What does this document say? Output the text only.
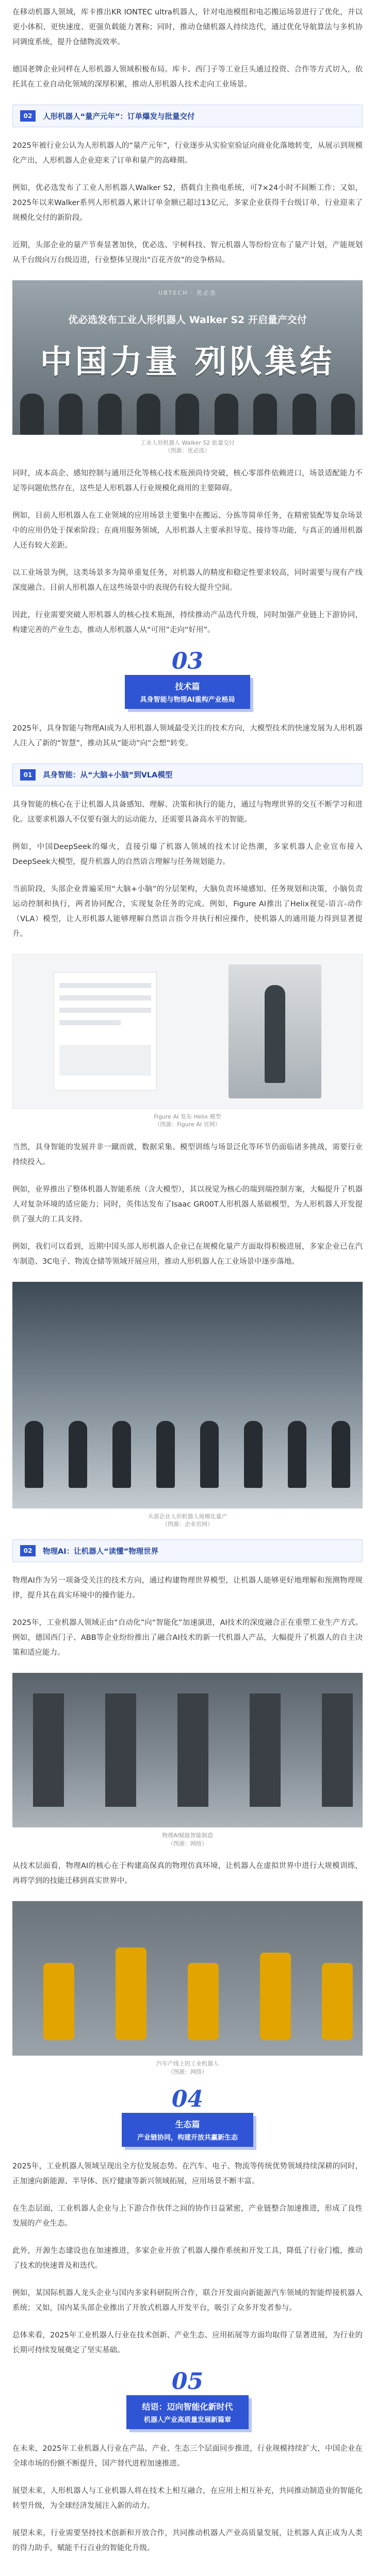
在移动机器人领域，库卡推出KR IONTEC ultra机器人，针对电池模组和电芯搬运场景进行了优化，并以更小体积、更快速度、更强负载能力著称；同时，推动仓储机器人持续迭代，通过优化导航算法与多机协同调度系统，提升仓储物流效率。

德国老牌企业同样在人形机器人领域积极布局。库卡、西门子等工业巨头通过投资、合作等方式切入，依托其在工业自动化领域的深厚积累，推动人形机器人技术走向工业场景。

02	人形机器人“量产元年”：订单爆发与批量交付

2025年被行业公认为人形机器人的“量产元年”，行业逐步从实验室验证向商业化落地转变，从展示到规模化产出，人形机器人企业迎来了订单和量产的高峰期。

例如，优必选发布了工业人形机器人Walker S2，搭载自主换电系统，可7×24小时不间断工作；又如，2025年以来Walker系列人形机器人累计订单金额已超过13亿元，多家企业获得千台级订单，行业迎来了规模化交付的新阶段。

近期，头部企业的量产节奏显著加快，优必选、宇树科技、智元机器人等纷纷宣布了量产计划，产能规划从千台级向万台级迈进，行业整体呈现出“百花齐放”的竞争格局。

UBTECH · 优必选
优必选发布工业人形机器人 Walker S2 开启量产交付
中国力量 列队集结
工业人形机器人 Walker S2 批量交付
（图源：优必选）

同时，成本高企、感知控制与通用泛化等核心技术瓶颈尚待突破，核心零部件依赖进口，场景适配能力不足等问题依然存在，这些是人形机器人行业规模化商用的主要障碍。

例如，目前人形机器人在工业领域的应用场景主要集中在搬运、分拣等简单任务，在精密装配等复杂场景中的应用仍处于探索阶段；在商用服务领域，人形机器人主要承担导览、接待等功能，与真正的通用机器人还有较大差距。

以工业场景为例，这类场景多为简单重复任务，对机器人的精度和稳定性要求较高，同时需要与现有产线深度融合。目前人形机器人在这些场景中的表现仍有较大提升空间。

因此，行业需要突破人形机器人的核心技术瓶颈，持续推动产品迭代升级，同时加强产业链上下游协同，构建完善的产业生态，推动人形机器人从“可用”走向“好用”。

03
技术篇
具身智能与物理AI重构产业格局

2025年，具身智能与物理AI成为人形机器人领域最受关注的技术方向，大模型技术的快速发展为人形机器人注入了新的“智慧”，推动其从“能动”向“会想”转变。

01	具身智能：从“大脑+小脑”到VLA模型

具身智能的核心在于让机器人具备感知、理解、决策和执行的能力，通过与物理世界的交互不断学习和进化。这要求机器人不仅要有强大的运动能力，还需要具备高水平的智能。

例如，中国DeepSeek的爆火，直接引爆了机器人领域的技术讨论热潮，多家机器人企业宣布接入DeepSeek大模型，提升机器人的自然语言理解与任务规划能力。

当前阶段，头部企业普遍采用“大脑+小脑”的分层架构，大脑负责环境感知、任务规划和决策，小脑负责运动控制和执行，两者协同配合，实现复杂任务的完成。例如，Figure AI推出了Helix视觉-语言-动作（VLA）模型，让人形机器人能够理解自然语言指令并执行相应操作，使机器人的通用能力得到显著提升。

Figure AI 发布 Helix 模型
（图源：Figure AI 官网）

当然，具身智能的发展并非一蹴而就，数据采集、模型训练与场景泛化等环节仍面临诸多挑战，需要行业持续投入。

例如，业界推出了整体机器人智能系统（含大模型），其以视觉为核心的端到端控制方案，大幅提升了机器人对复杂环境的适应能力；同时，英伟达发布了Isaac GR00T人形机器人基础模型，为人形机器人开发提供了强大的工具支持。

例如，我们可以看到，近期中国头部人形机器人企业已在规模化量产方面取得积极进展，多家企业已在汽车制造、3C电子、物流仓储等领域开展应用，推动人形机器人在工业场景中逐步落地。

头部企业人形机器人规模化量产
（图源：企业官网）
02	物理AI：让机器人“读懂”物理世界

物理AI作为另一项备受关注的技术方向，通过构建物理世界模型，让机器人能够更好地理解和预测物理规律，提升其在真实环境中的操作能力。

2025年，工业机器人领域正由“自动化”向“智能化”加速演进，AI技术的深度融合正在重塑工业生产方式。例如，德国西门子、ABB等企业纷纷推出了融合AI技术的新一代机器人产品，大幅提升了机器人的自主决策和适应能力。

物理AI赋能智能制造
（图源：网络）

从技术层面看，物理AI的核心在于构建高保真的物理仿真环境，让机器人在虚拟世界中进行大规模训练，再将学到的技能迁移到真实世界中。

汽车产线上的工业机器人
（图源：网络）
04
生态篇
产业链协同，构建开放共赢新生态

2025年，工业机器人领域呈现出全方位发展态势。在汽车、电子、物流等传统优势领域持续深耕的同时，正加速向新能源、半导体、医疗健康等新兴领域拓展，应用场景不断丰富。

在生态层面，工业机器人企业与上下游合作伙伴之间的协作日益紧密，产业链整合加速推进，形成了良性发展的产业生态。

此外，开源生态建设也在加速推进，多家企业开放了机器人操作系统和开发工具，降低了行业门槛，推动了技术的快速普及和迭代。

例如，某国际机器人龙头企业与国内多家科研院所合作，联合开发面向新能源汽车领域的智能焊接机器人系统；又如，国内某头部企业推出了开放式机器人开发平台，吸引了众多开发者参与。

总体来看，2025年工业机器人行业在技术创新、产业生态、应用拓展等方面均取得了显著进展，为行业的长期可持续发展奠定了坚实基础。

05
结语：迈向智能化新时代
机器人产业高质量发展新篇章

在未来，2025年工业机器人行业在产品、产业、生态三个层面同步推进，行业规模持续扩大，中国企业在全球市场的份额不断提升，国产替代进程加速推进。

展望未来，人形机器人与工业机器人将在技术上相互融合，在应用上相互补充，共同推动制造业的智能化转型升级，为全球经济发展注入新的动力。

展望未来，行业需要坚持技术创新和开放合作，共同推动机器人产业高质量发展，让机器人真正成为人类的得力助手，赋能千行百业的智能化升级。
